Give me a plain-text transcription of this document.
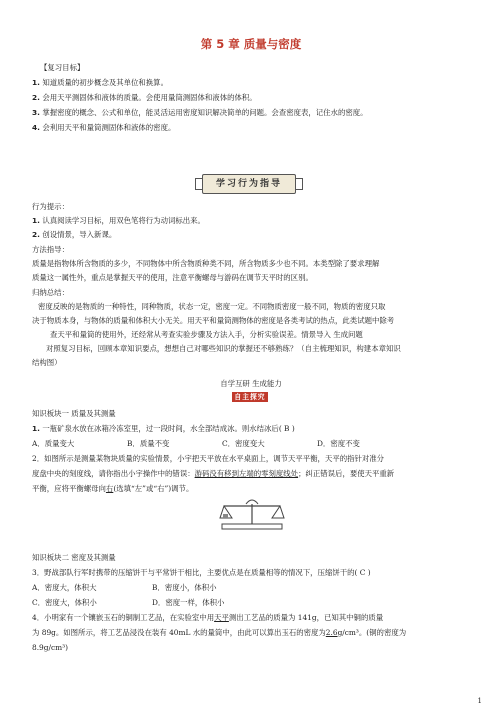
第 5 章 质量与密度
【复习目标】
1. 知道质量的初步概念及其单位和换算。
2. 会用天平测固体和液体的质量。会使用量筒测固体和液体的体积。
3. 掌握密度的概念、公式和单位，能灵活运用密度知识解决简单的问题。会查密度表，记住水的密度。
4. 会利用天平和量筒测固体和液体的密度。
学习行为指导
行为提示：
1. 认真阅读学习目标，用双色笔将行为动词标出来。
2. 创设情景，导入新课。
方法指导：
质量是指物体所含物质的多少，不同物体中所含物质种类不同，所含物质多少也不同。本类型除了要求理解
质量这一属性外，重点是掌握天平的使用，注意平衡螺母与游码在调节天平时的区别。
归纳总结：
密度反映的是物质的一种特性，同种物质，状态一定，密度一定。不同物质密度一般不同，物质的密度只取
决于物质本身，与物体的质量和体积大小无关。用天平和量筒测物体的密度是各类考试的热点，此类试题中除考
查天平和量筒的使用外，还经常从考查实验步骤及方法入手，分析实验误差。情景导入 生成问题
对照复习目标，回顾本章知识要点，想想自己对哪些知识的掌握还不够熟练？（自主梳理知识，构建本章知识
结构图）
自学互研 生成能力
自主探究
知识板块一 质量及其测量
1. 一瓶矿泉水放在冰箱冷冻室里，过一段时间，水全部结成冰。则水结冰后( B )
A．质量变大	B．质量不变	C．密度变大	D．密度不变
2．如图所示是测量某物块质量的实验情景，小宇把天平放在水平桌面上，调节天平平衡，天平的指针对准分
度盘中央的刻度线，请你指出小宇操作中的错误：游码没有移到左端的零刻度线处；纠正错误后，要使天平重新
平衡，应将平衡螺母向右(选填“左”或“右”)调节。
知识板块二 密度及其测量
3．野战部队行军时携带的压缩饼干与平常饼干相比，主要优点是在质量相等的情况下，压缩饼干的( C )
A．密度大，体积大	B．密度小，体积小
C．密度大，体积小	D．密度一样，体积小
4．小明家有一个镶嵌玉石的铜制工艺品，在实验室中用天平测出工艺品的质量为 141g，已知其中铜的质量
为 89g。如图所示，将工艺品浸没在装有 40mL 水的量筒中，由此可以算出玉石的密度为2.6g/cm³。(铜的密度为
8.9g/cm³)
1
